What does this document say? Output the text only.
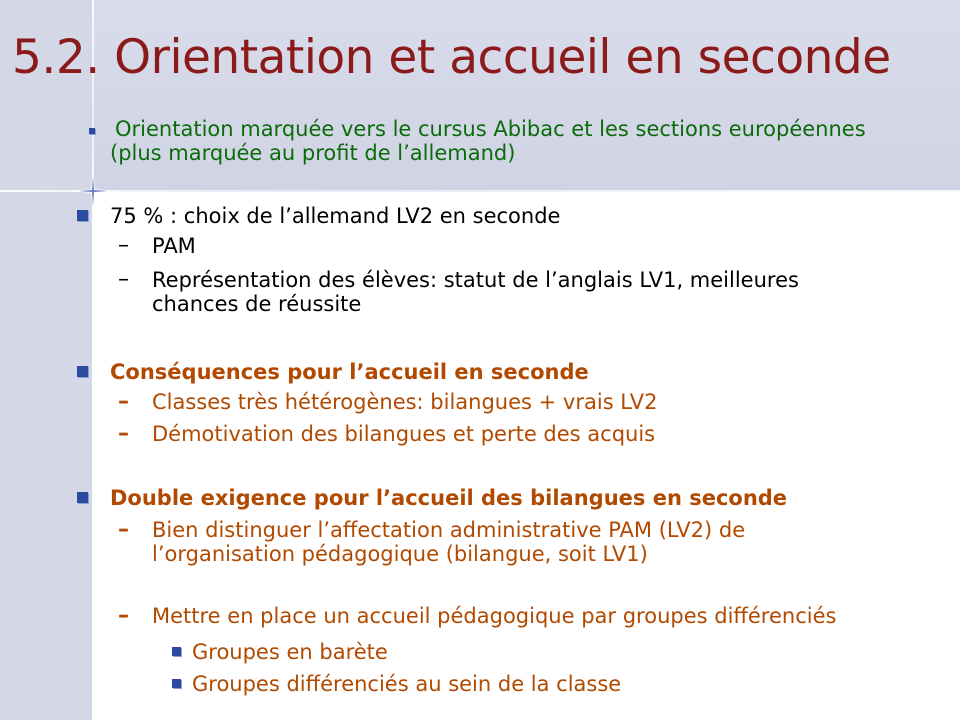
5.2. Orientation et accueil en seconde
Orientation marquée vers le cursus Abibac et les sections européennes
(plus marquée au profit de l’allemand)
75 % : choix de l’allemand LV2 en seconde
– PAM
– Représentation des élèves: statut de l’anglais LV1, meilleures
chances de réussite
Conséquences pour l’accueil en seconde
– Classes très hétérogènes: bilangues + vrais LV2
– Démotivation des bilangues et perte des acquis
Double exigence pour l’accueil des bilangues en seconde
– Bien distinguer l’affectation administrative PAM (LV2) de
l’organisation pédagogique (bilangue, soit LV1)
– Mettre en place un accueil pédagogique par groupes différenciés
Groupes en barète
Groupes différenciés au sein de la classe
